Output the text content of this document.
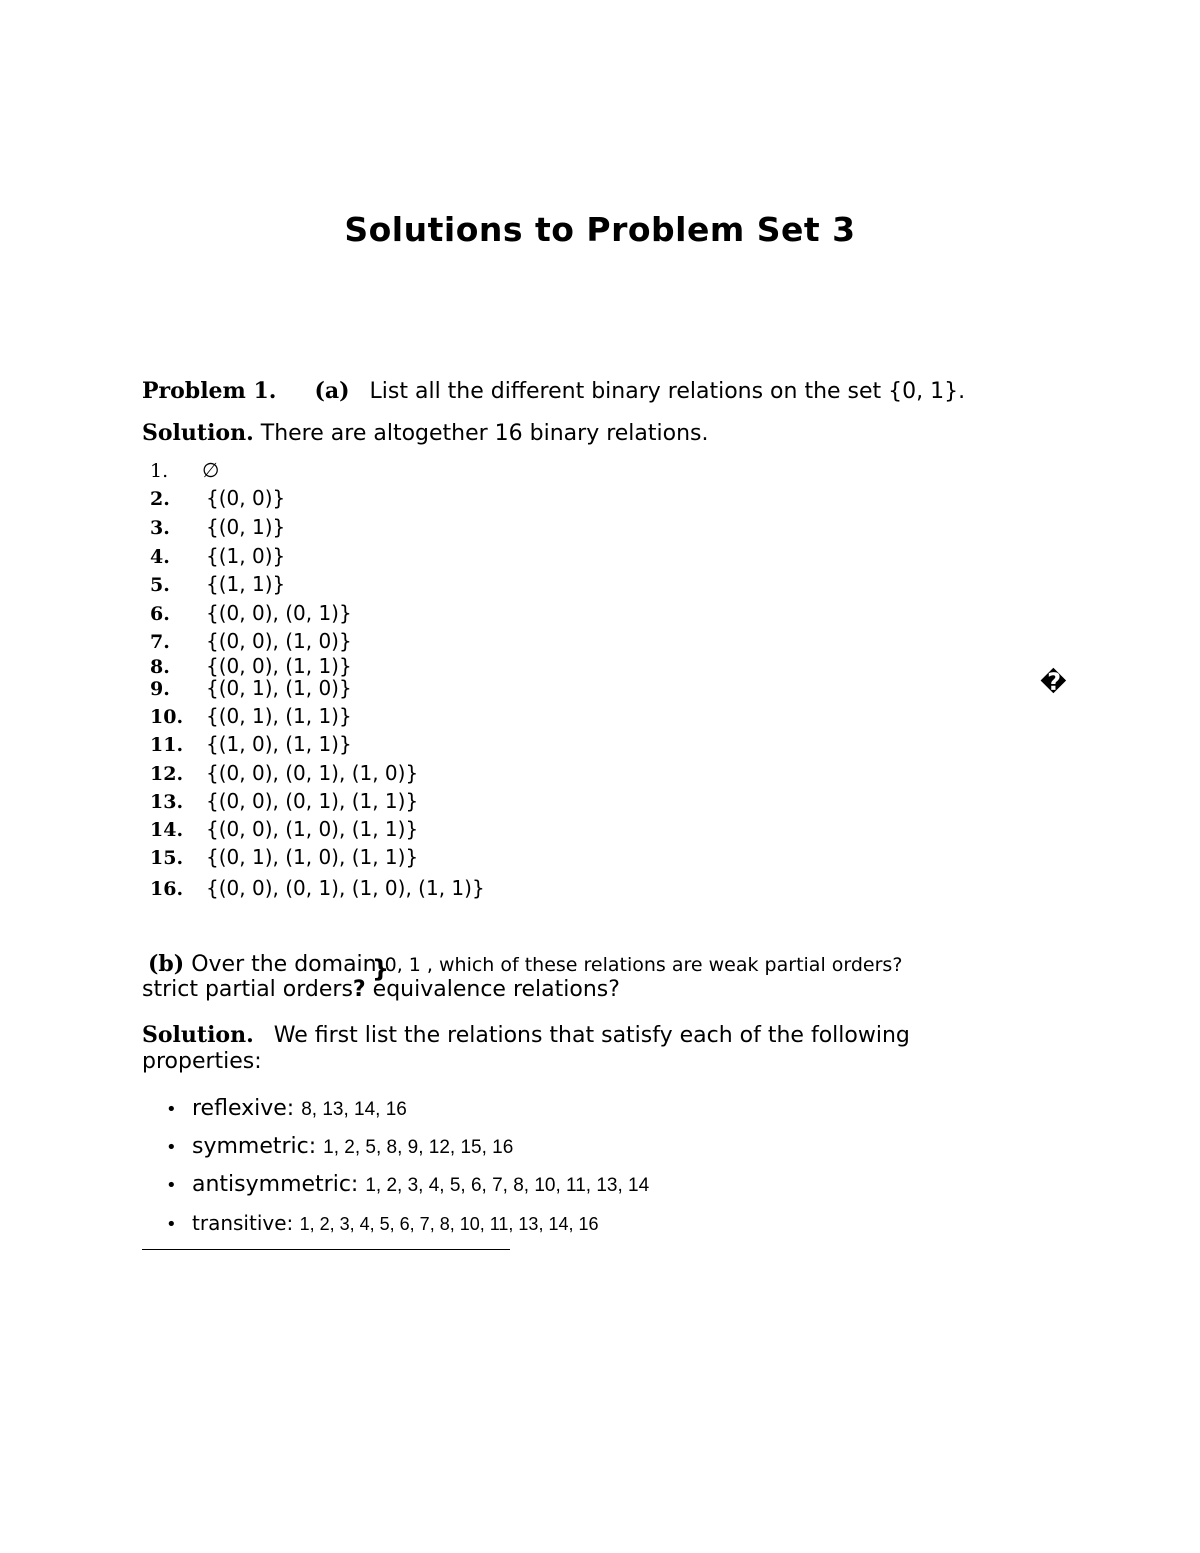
Solutions to Problem Set 3
Problem 1. (a) List all the different binary relations on the set {0, 1}.
Solution. There are altogether 16 binary relations.
1. ∅
2. {(0, 0)}
3. {(0, 1)}
4. {(1, 0)}
5. {(1, 1)}
6. {(0, 0), (0, 1)}
7. {(0, 0), (1, 0)}
8. {(0, 0), (1, 1)}
9. {(0, 1), (1, 0)}
10. {(0, 1), (1, 1)}
11. {(1, 0), (1, 1)}
12. {(0, 0), (0, 1), (1, 0)}
13. {(0, 0), (0, 1), (1, 1)}
14. {(0, 0), (1, 0), (1, 1)}
15. {(0, 1), (1, 0), (1, 1)}
16. {(0, 0), (0, 1), (1, 0), (1, 1)}
�
(b) Over the domain 0, 1 , which of these relations are weak partial orders?
}
strict partial orders? equivalence relations?
Solution. We first list the relations that satisfy each of the following
properties:
• reflexive: 8, 13, 14, 16
• symmetric: 1, 2, 5, 8, 9, 12, 15, 16
• antisymmetric: 1, 2, 3, 4, 5, 6, 7, 8, 10, 11, 13, 14
• transitive: 1, 2, 3, 4, 5, 6, 7, 8, 10, 11, 13, 14, 16
